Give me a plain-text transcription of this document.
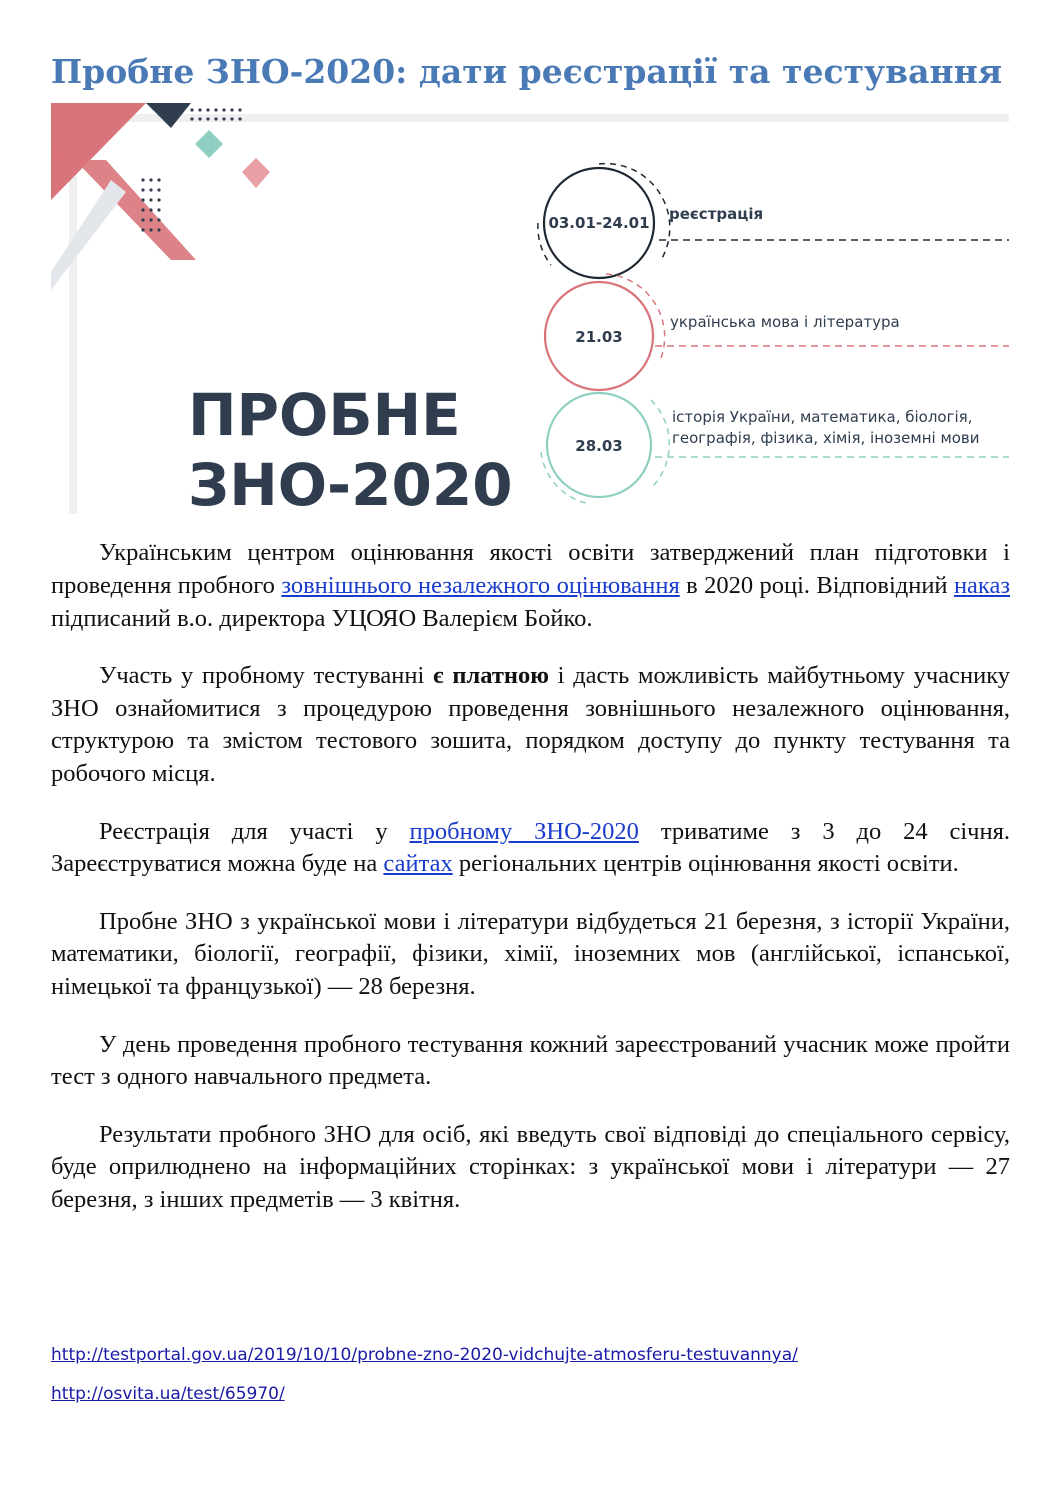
Пробне ЗНО-2020: дати реєстрації та тестування
ПРОБНЕ
ЗНО-2020
03.01-24.01 реєстрація
21.03
українська мова і література
28.03
історія України, математика, біологія,
географія, фізика, хімія, іноземні мови

Українським центром оцінювання якості освіти затверджений план підготовки і проведення пробного зовнішнього незалежного оцінювання в 2020 році. Відповідний наказ підписаний в.о. директора УЦОЯО Валерієм Бойко.

Участь у пробному тестуванні є платною і дасть можливість майбутньому учаснику ЗНО ознайомитися з процедурою проведення зовнішнього незалежного оцінювання, структурою та змістом тестового зошита, порядком доступу до пункту тестування та робочого місця.

Реєстрація для участі у пробному ЗНО-2020 триватиме з 3 до 24 січня. Зареєструватися можна буде на сайтах регіональних центрів оцінювання якості освіти.

Пробне ЗНО з української мови і літератури відбудеться 21 березня, з історії України, математики, біології, географії, фізики, хімії, іноземних мов (англійської, іспанської, німецької та французької) — 28 березня.

У день проведення пробного тестування кожний зареєстрований учасник може пройти тест з одного навчального предмета.

Результати пробного ЗНО для осіб, які введуть свої відповіді до спеціального сервісу, буде оприлюднено на інформаційних сторінках: з української мови і літератури — 27 березня, з інших предметів — 3 квітня.

http://testportal.gov.ua/2019/10/10/probne-zno-2020-vidchujte-atmosferu-testuvannya/
http://osvita.ua/test/65970/
